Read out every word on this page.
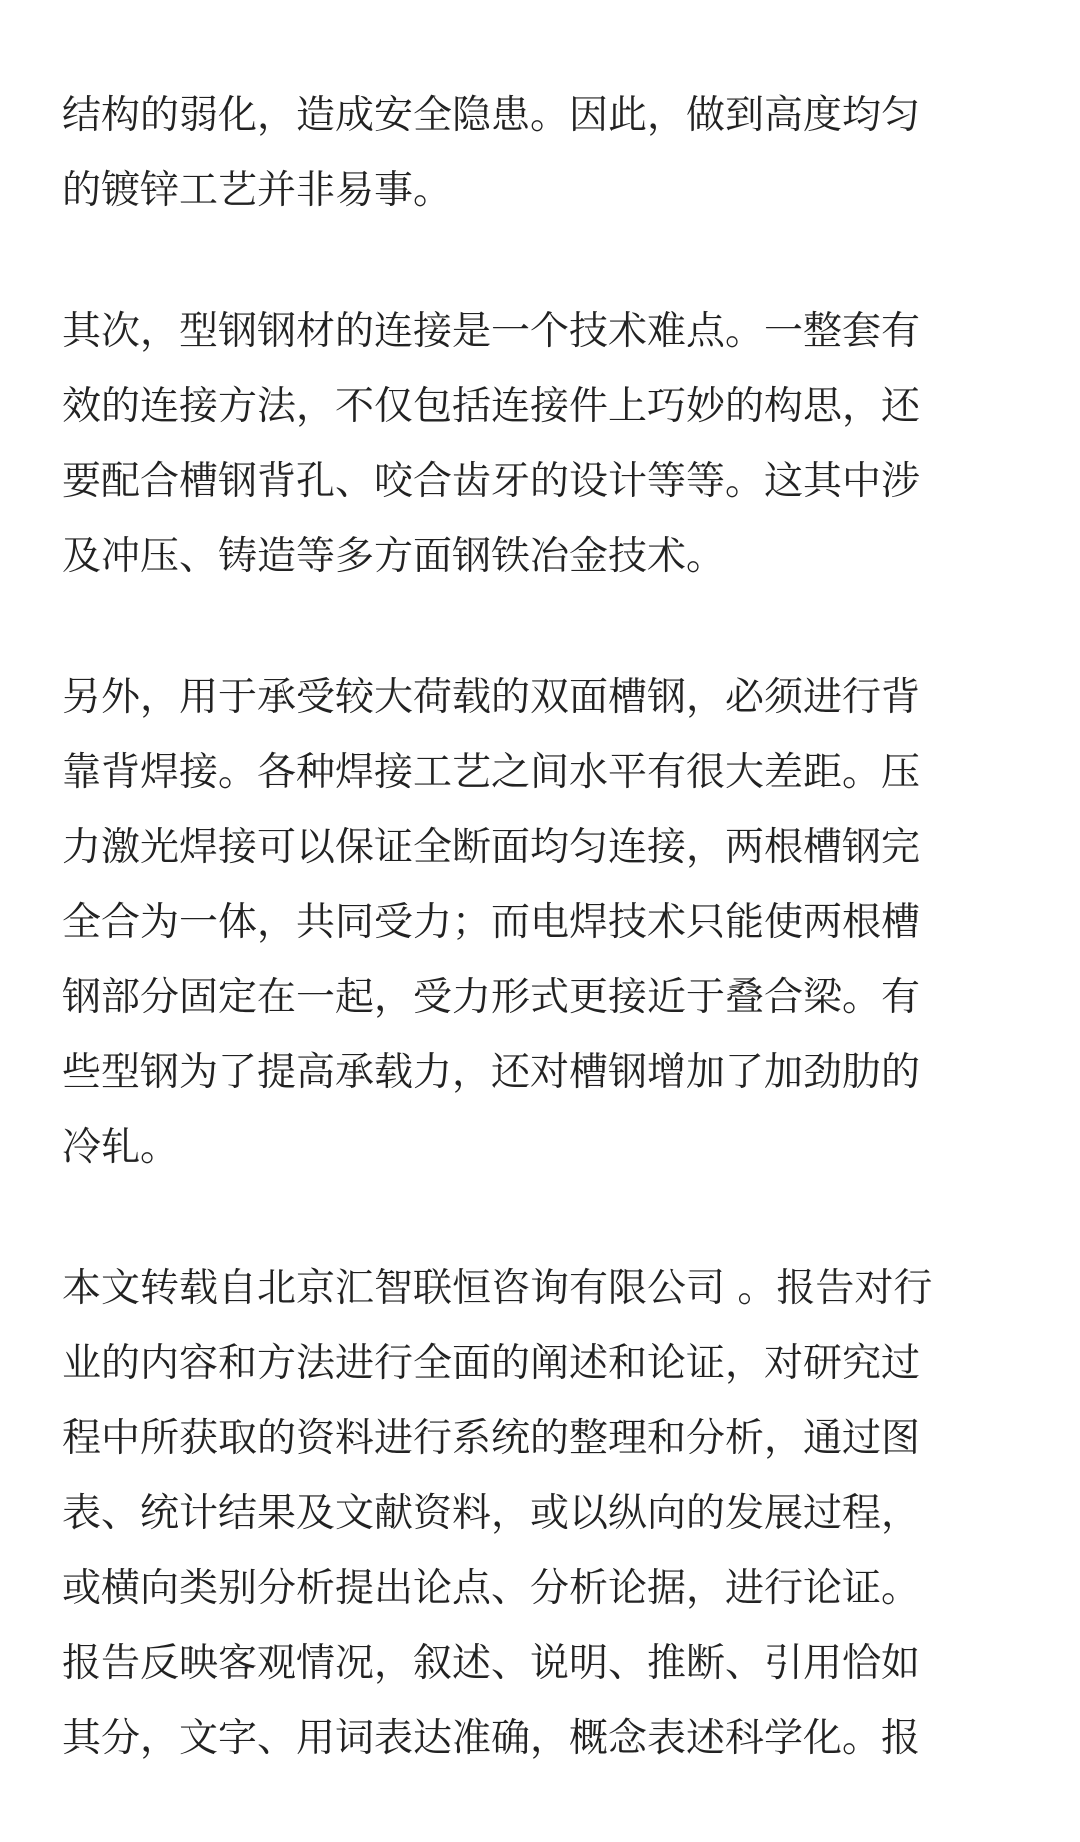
结构的弱化，造成安全隐患。因此，做到高度均匀
的镀锌工艺并非易事。

其次，型钢钢材的连接是一个技术难点。一整套有
效的连接方法，不仅包括连接件上巧妙的构思，还
要配合槽钢背孔、咬合齿牙的设计等等。这其中涉
及冲压、铸造等多方面钢铁冶金技术。

另外，用于承受较大荷载的双面槽钢，必须进行背
靠背焊接。各种焊接工艺之间水平有很大差距。压
力激光焊接可以保证全断面均匀连接，两根槽钢完
全合为一体，共同受力；而电焊技术只能使两根槽
钢部分固定在一起，受力形式更接近于叠合梁。有
些型钢为了提高承载力，还对槽钢增加了加劲肋的
冷轧。

本文转载自北京汇智联恒咨询有限公司 。报告对行
业的内容和方法进行全面的阐述和论证，对研究过
程中所获取的资料进行系统的整理和分析，通过图
表、统计结果及文献资料，或以纵向的发展过程，
或横向类别分析提出论点、分析论据，进行论证。
报告反映客观情况，叙述、说明、推断、引用恰如
其分，文字、用词表达准确，概念表述科学化。报
